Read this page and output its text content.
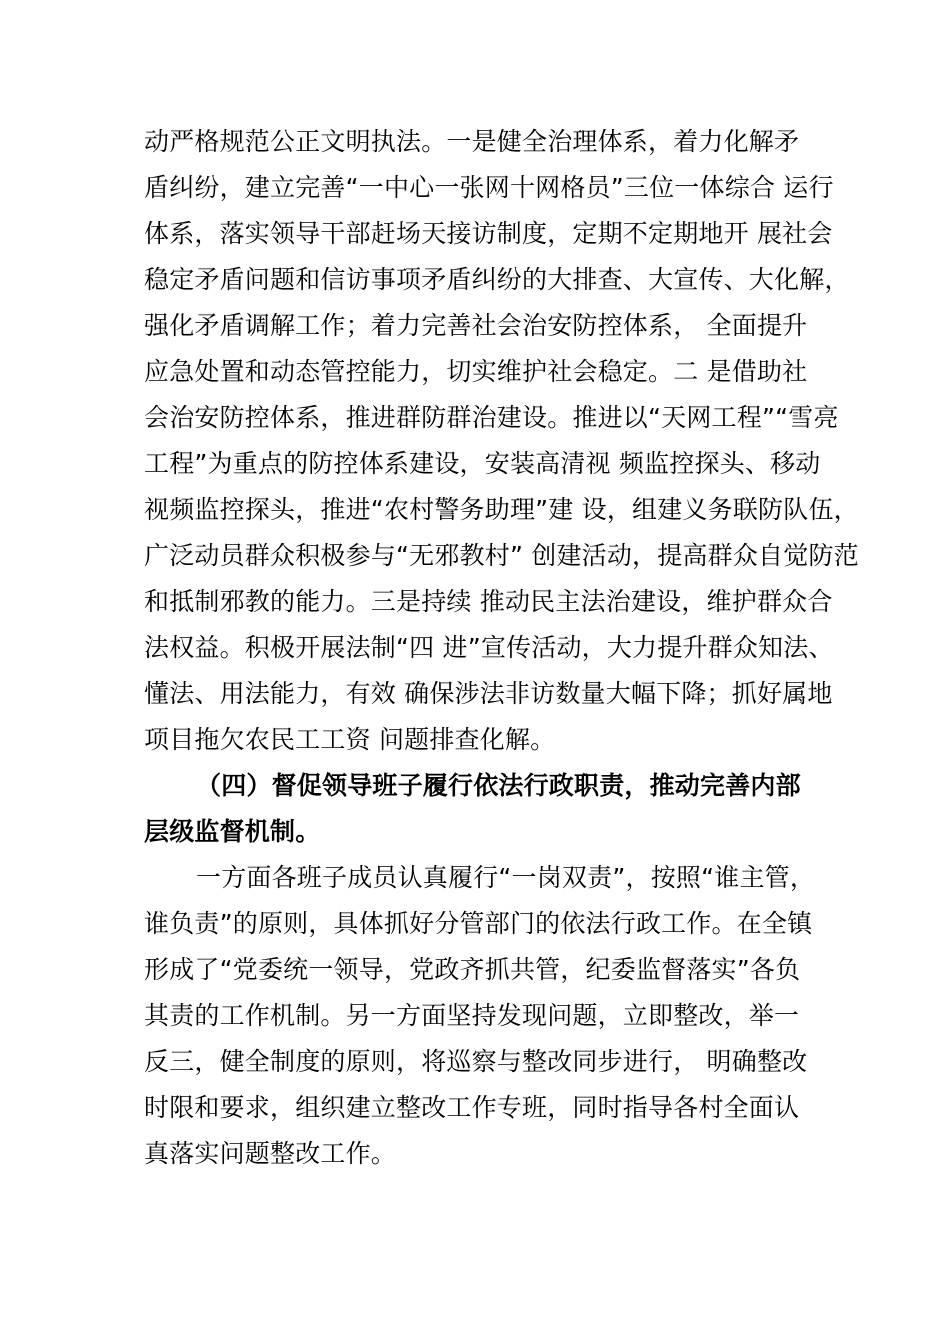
动严格规范公正文明执法。一是健全治理体系，着力化解矛
盾纠纷，建立完善“一中心一张网十网格员”三位一体综合 运行
体系，落实领导干部赶场天接访制度，定期不定期地开 展社会
稳定矛盾问题和信访事项矛盾纠纷的大排查、大宣传、大化解，
强化矛盾调解工作；着力完善社会治安防控体系， 全面提升
应急处置和动态管控能力，切实维护社会稳定。二 是借助社
会治安防控体系，推进群防群治建设。推进以“天网工程”“雪亮
工程”为重点的防控体系建设，安装高清视 频监控探头、移动
视频监控探头，推进“农村警务助理”建 设，组建义务联防队伍，
广泛动员群众积极参与“无邪教村” 创建活动，提高群众自觉防范
和抵制邪教的能力。三是持续 推动民主法治建设，维护群众合
法权益。积极开展法制“四 进”宣传活动，大力提升群众知法、
懂法、用法能力，有效 确保涉法非访数量大幅下降；抓好属地
项目拖欠农民工工资 问题排查化解。
（四）督促领导班子履行依法行政职责，推动完善内部
层级监督机制。
一方面各班子成员认真履行“一岗双责”，按照“谁主管，
谁负责”的原则，具体抓好分管部门的依法行政工作。在全镇
形成了“党委统一领导，党政齐抓共管，纪委监督落实”各负
其责的工作机制。另一方面坚持发现问题，立即整改，举一
反三，健全制度的原则，将巡察与整改同步进行， 明确整改
时限和要求，组织建立整改工作专班，同时指导各村全面认
真落实问题整改工作。
